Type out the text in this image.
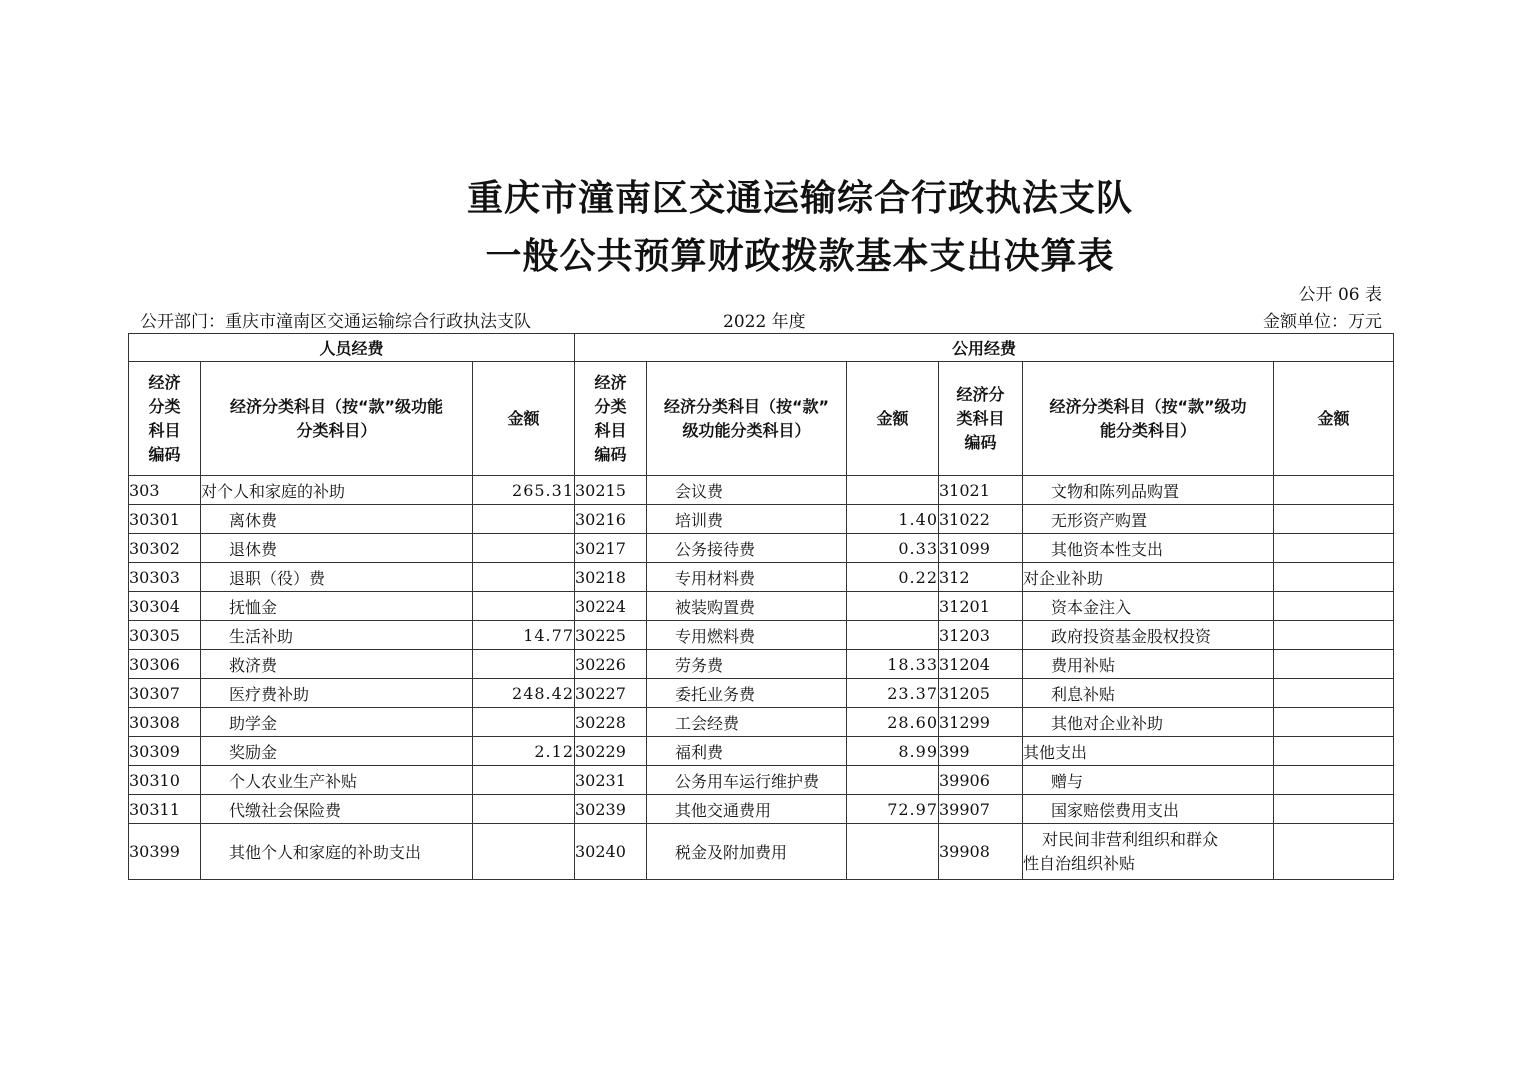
重庆市潼南区交通运输综合行政执法支队
一般公共预算财政拨款基本支出决算表
公开 06 表
公开部门：重庆市潼南区交通运输综合行政执法支队	2022 年度	金额单位：万元
人员经费			公用经费					

经济
分类
科目
编码	经济分类科目（按“款”级功能
分类科目）	金额	经济
分类
科目
编码	经济分类科目（按“款”
级功能分类科目）	金额	经济分
类科目
编码	经济分类科目（按“款”级功
能分类科目）	金额
303	对个人和家庭的补助	265.31	30215	会议费		31021	文物和陈列品购置	
30301	离休费		30216	培训费	1.40	31022	无形资产购置	
30302	退休费		30217	公务接待费	0.33	31099	其他资本性支出	
30303	退职（役）费		30218	专用材料费	0.22	312	对企业补助	
30304	抚恤金		30224	被装购置费		31201	资本金注入	
30305	生活补助	14.77	30225	专用燃料费		31203	政府投资基金股权投资	
30306	救济费		30226	劳务费	18.33	31204	费用补贴	
30307	医疗费补助	248.42	30227	委托业务费	23.37	31205	利息补贴	
30308	助学金		30228	工会经费	28.60	31299	其他对企业补助	
30309	奖励金	2.12	30229	福利费	8.99	399	其他支出	
30310	个人农业生产补贴		30231	公务用车运行维护费		39906	赠与	
30311	代缴社会保险费		30239	其他交通费用	72.97	39907	国家赔偿费用支出	
30399	其他个人和家庭的补助支出		30240	税金及附加费用		39908	对民间非营利组织和群众
性自治组织补贴	
